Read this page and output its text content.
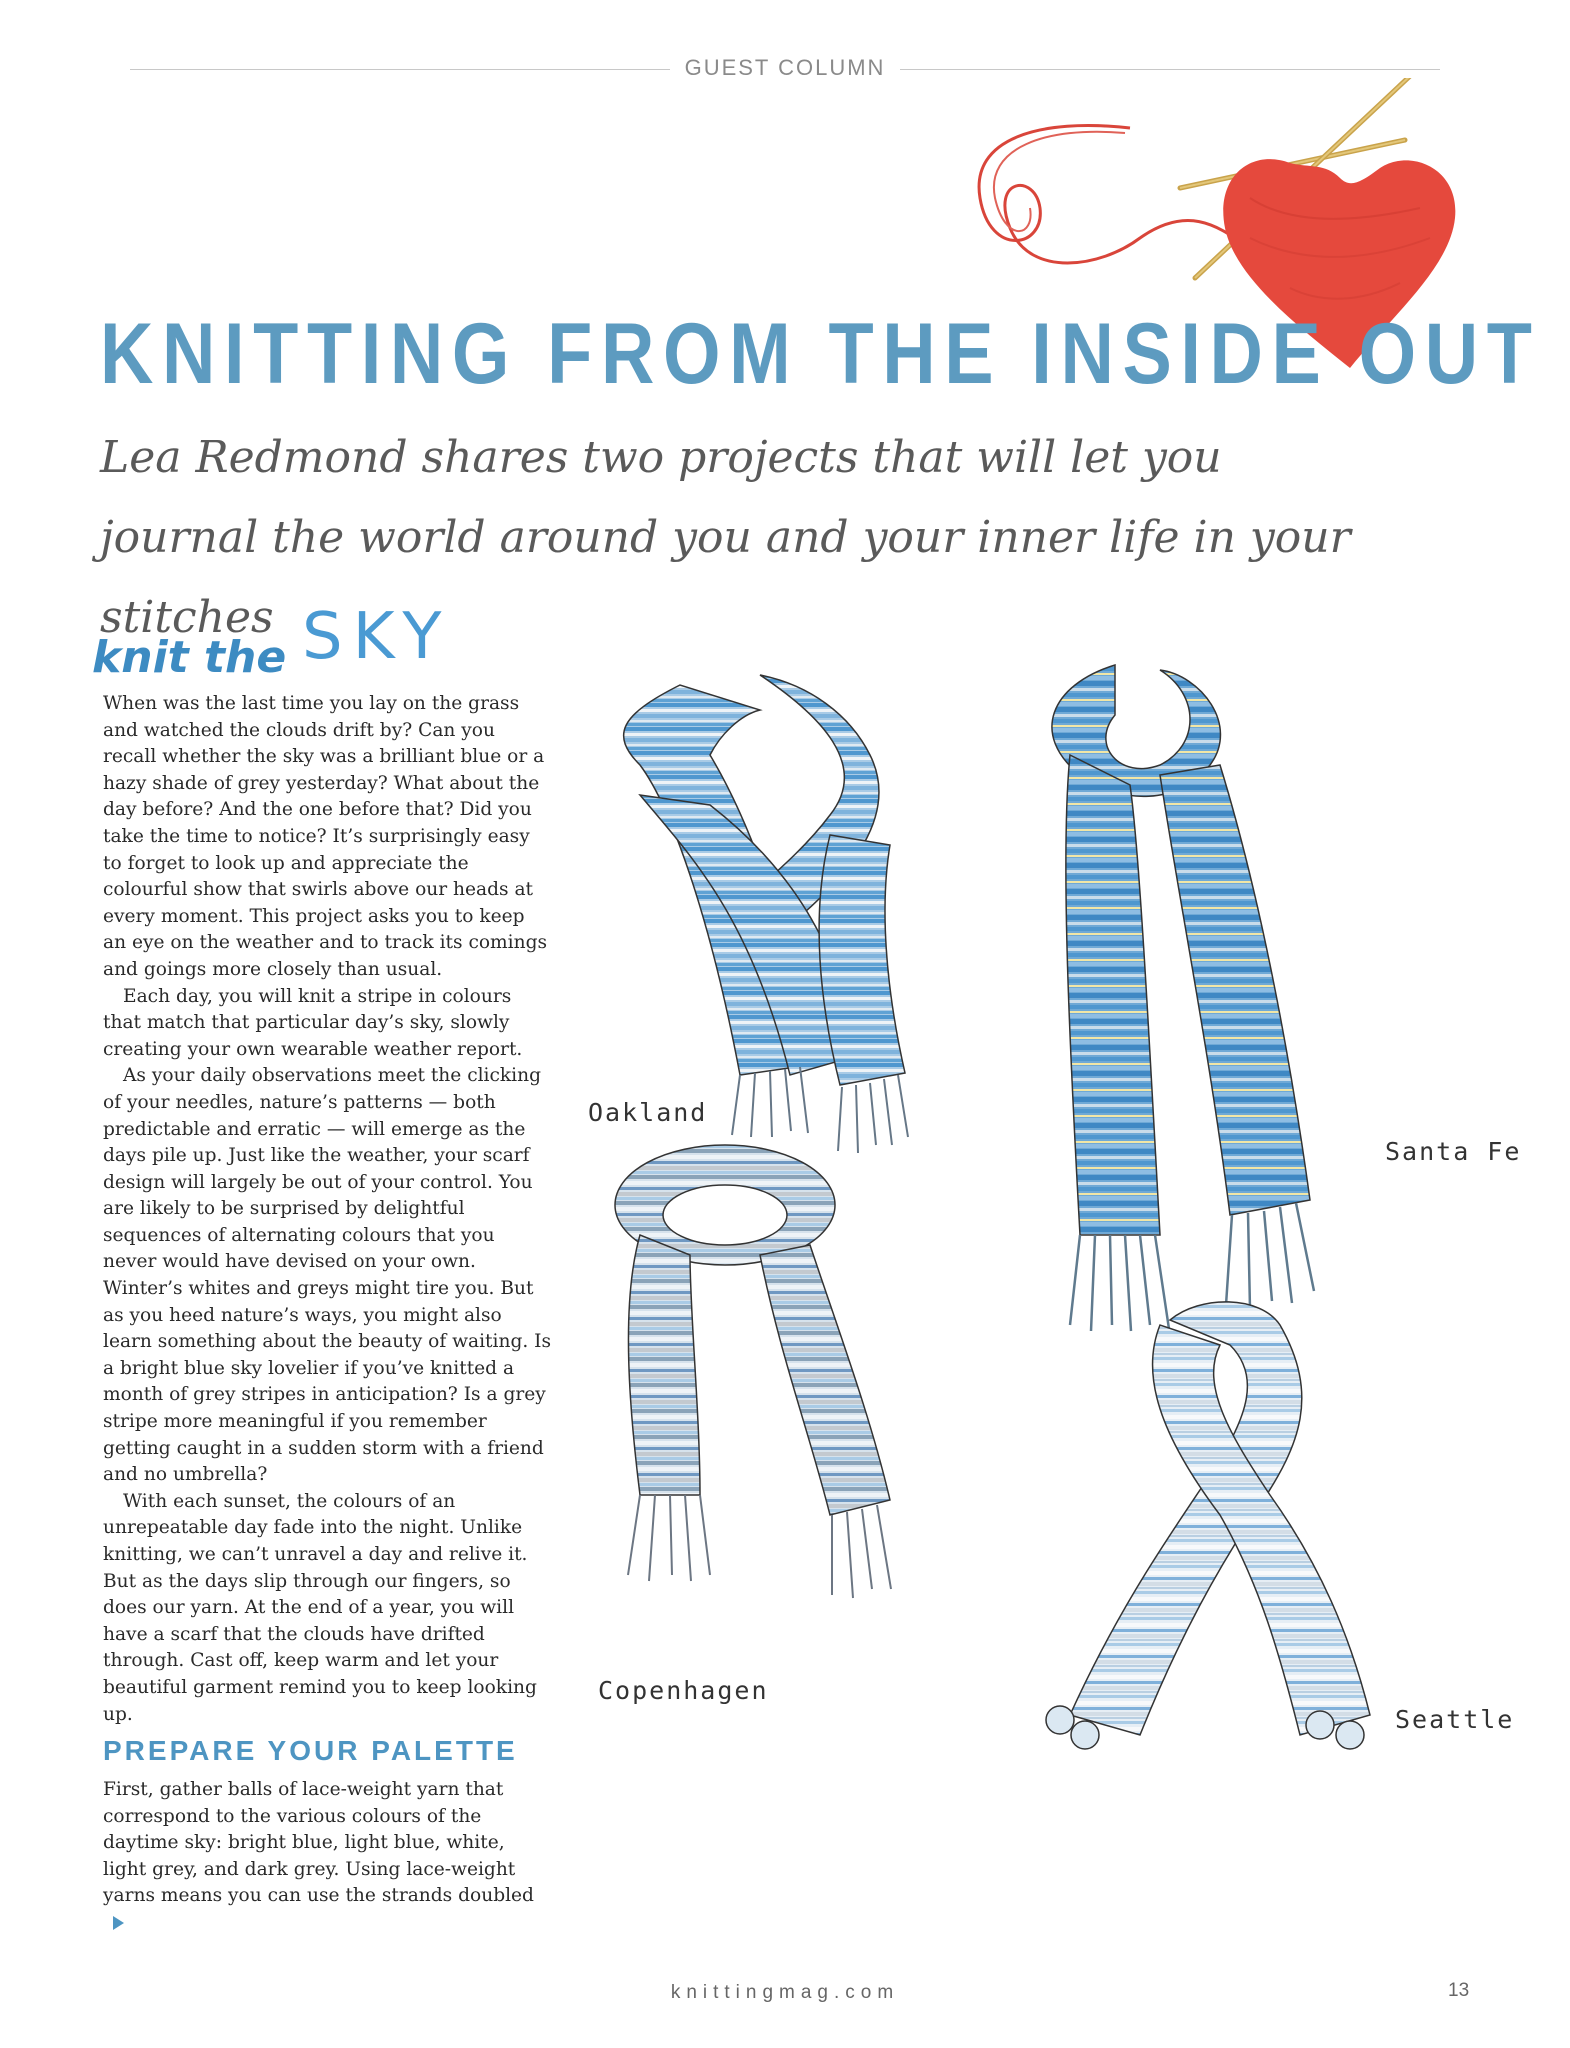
GUEST COLUMN
KNITTING FROM THE INSIDE OUT
Lea Redmond shares two projects that will let you journal the world around you and your inner life in your stitches
knit the SKY

When was the last time you lay on the grass and watched the clouds drift by? Can you recall whether the sky was a brilliant blue or a hazy shade of grey yesterday? What about the day before? And the one before that? Did you take the time to notice? It’s surprisingly easy to forget to look up and appreciate the colourful show that swirls above our heads at every moment. This project asks you to keep an eye on the weather and to track its comings and goings more closely than usual.

Each day, you will knit a stripe in colours that match that particular day’s sky, slowly creating your own wearable weather report.

As your daily observations meet the clicking of your needles, nature’s patterns — both predictable and erratic — will emerge as the days pile up. Just like the weather, your scarf design will largely be out of your control. You are likely to be surprised by delightful sequences of alternating colours that you never would have devised on your own. Winter’s whites and greys might tire you. But as you heed nature’s ways, you might also learn something about the beauty of waiting. Is a bright blue sky lovelier if you’ve knitted a month of grey stripes in anticipation? Is a grey stripe more meaningful if you remember getting caught in a sudden storm with a friend and no umbrella?

With each sunset, the colours of an unrepeatable day fade into the night. Unlike knitting, we can’t unravel a day and relive it. But as the days slip through our fingers, so does our yarn. At the end of a year, you will have a scarf that the clouds have drifted through. Cast off, keep warm and let your beautiful garment remind you to keep looking up.

PREPARE YOUR PALETTE

First, gather balls of lace-weight yarn that correspond to the various colours of the daytime sky: bright blue, light blue, white, light grey, and dark grey. Using lace-weight yarns means you can use the strands doubled

Oakland
Santa Fe
Copenhagen
Seattle
knittingmag.com	13
